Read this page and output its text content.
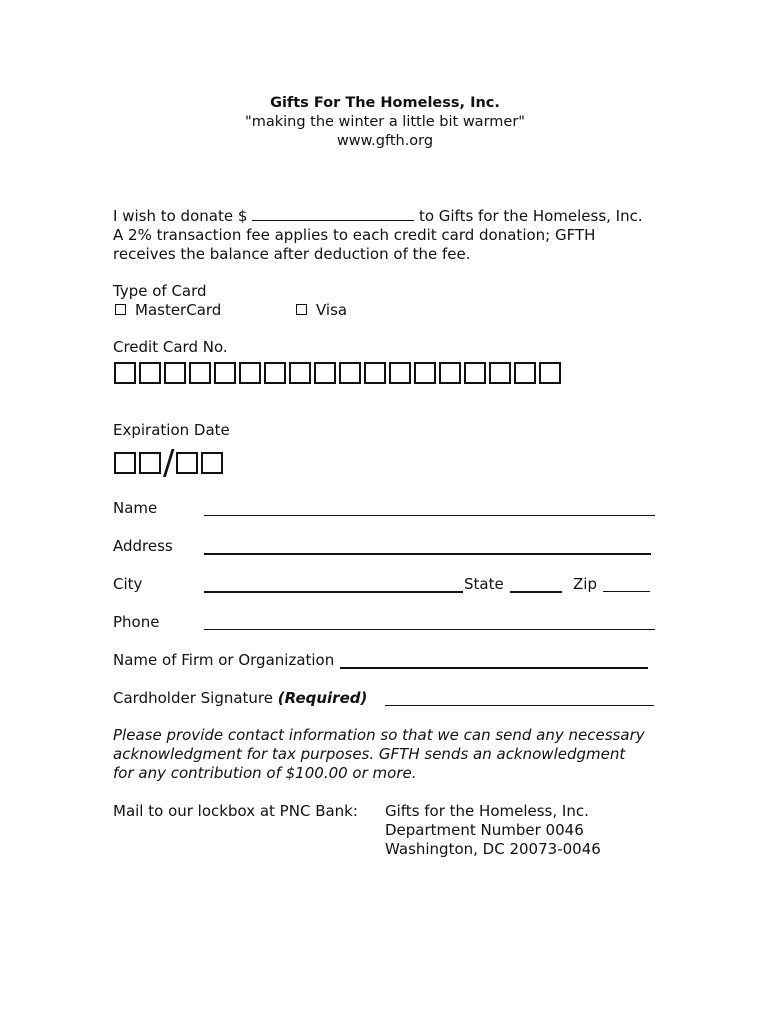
Gifts For The Homeless, Inc.
"making the winter a little bit warmer"
www.gfth.org
I wish to donate $	to Gifts for the Homeless, Inc.
A 2% transaction fee applies to each credit card donation; GFTH
receives the balance after deduction of the fee.
Type of Card
MasterCard	Visa
Credit Card No.
Expiration Date
/
Name
Address
City	State	Zip
Phone
Name of Firm or Organization
Cardholder Signature (Required)
Please provide contact information so that we can send any necessary
acknowledgment for tax purposes. GFTH sends an acknowledgment
for any contribution of $100.00 or more.
Mail to our lockbox at PNC Bank: Gifts for the Homeless, Inc.
Department Number 0046
Washington, DC 20073-0046
